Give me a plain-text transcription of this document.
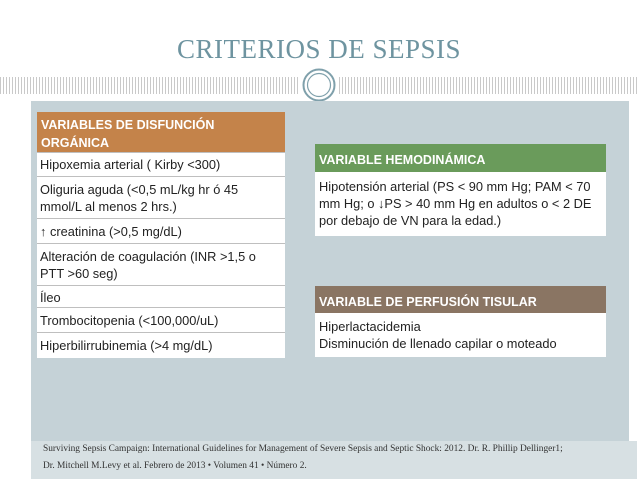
CRITERIOS DE SEPSIS
VARIABLES DE DISFUNCIÓN
ORGÁNICA
Hipoxemia arterial ( Kirby <300)
Oliguria aguda (<0,5 mL/kg hr ó 45 mmol/L al menos 2 hrs.)
↑ creatinina (>0,5 mg/dL)
Alteración de coagulación (INR >1,5 o PTT >60 seg)
Íleo
Trombocitopenia (<100,000/uL)
Hiperbilirrubinemia (>4 mg/dL)
VARIABLE HEMODINÁMICA
Hipotensión arterial (PS < 90 mm Hg; PAM < 70 mm Hg; o ↓PS > 40 mm Hg en adultos o < 2 DE por debajo de VN para la edad.)
VARIABLE DE PERFUSIÓN TISULAR
Hiperlactacidemia
Disminución de llenado capilar o moteado

Surviving Sepsis Campaign: International Guidelines for Management of Severe Sepsis and Septic Shock: 2012. Dr. R. Phillip Dellinger1;

Dr. Mitchell M.Levy et al. Febrero de 2013 • Volumen 41 • Número 2.
